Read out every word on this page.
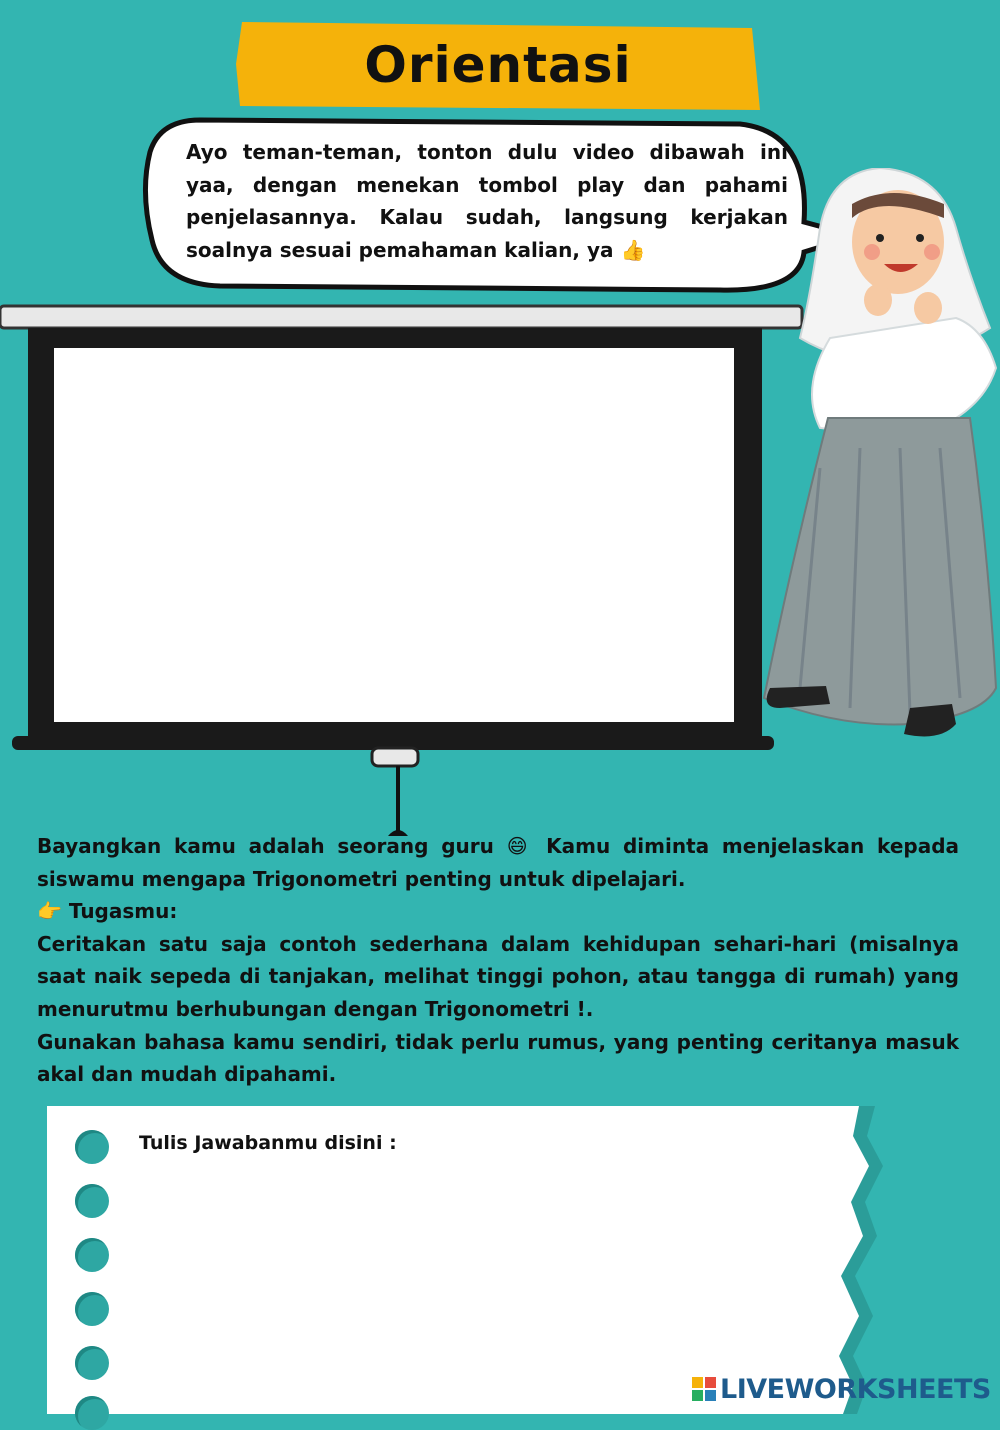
Orientasi
Ayo teman-teman, tonton dulu video dibawah ini yaa, dengan menekan tombol play dan pahami penjelasannya. Kalau sudah, langsung kerjakan soalnya sesuai pemahaman kalian, ya 👍

Bayangkan kamu adalah seorang guru 😄 Kamu diminta menjelaskan kepada siswamu mengapa Trigonometri penting untuk dipelajari.

👉 Tugasmu:

Ceritakan satu saja contoh sederhana dalam kehidupan sehari-hari (misalnya saat naik sepeda di tanjakan, melihat tinggi pohon, atau tangga di rumah) yang menurutmu berhubungan dengan Trigonometri !.

Gunakan bahasa kamu sendiri, tidak perlu rumus, yang penting ceritanya masuk akal dan mudah dipahami.

Tulis Jawabanmu disini :
LIVEWORKSHEETS
